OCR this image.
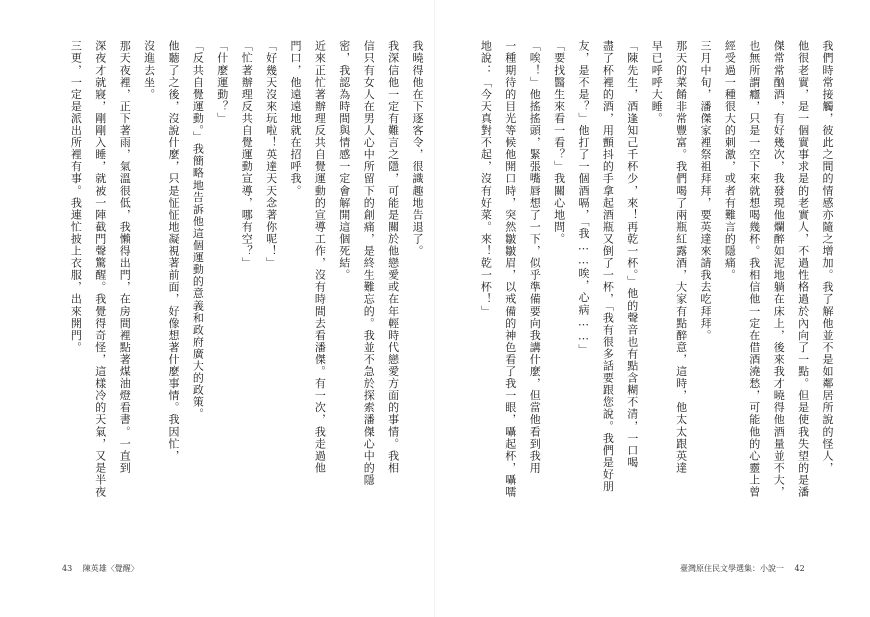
我們時常接觸，彼此之間的情感亦隨之增加。我了解他並不是如鄰居所說的怪人，
他很老實，是一個實事求是的老實人，不過性格過於內向了一點。但是使我失望的是潘
傑常常酗酒，有好幾次，我發現他爛醉如泥地躺在床上，後來我才曉得他酒量並不大，
也無所謂癮，只是一空下來就想喝幾杯。我相信他一定在借酒澆愁，可能他的心靈上曾
經受過一種很大的刺激，或者有難言的隱痛。
三月中旬，潘傑家裡祭祖拜拜，要英達來請我去吃拜拜。
那天的菜餚非常豐富。我們喝了兩瓶紅露酒，大家有點醉意，這時，他太太跟英達
早已呼呼大睡。
「陳先生，酒逢知己千杯少，來！再乾一杯。」他的聲音也有點含糊不清，一口喝
盡了杯裡的酒，用顫抖的手拿起酒瓶又倒了一杯，「我有很多話要跟您說。我們是好朋
友，是不是？」他打了一個酒嗝，「我……唉，心病……」
「要找醫生來看一看？」我關心地問。
「唉！」他搖搖頭，緊張嘴唇想了一下，似乎準備要向我講什麼，但當他看到我用
一種期待的目光等候他開口時，突然皺皺眉，以戒備的神色看了我一眼，囁起杯，囁嚅
地說：「今天真對不起，沒有好菜。來！乾一杯！」
我曉得他在下逐客令，很識趣地告退了。
我深信他一定有難言之隱，可能是關於他戀愛或在年輕時代戀愛方面的事情。我相
信只有女人在男人心中所留下的創痛，是終生難忘的。我並不急於探索潘傑心中的隱
密，我認為時間與情感一定會解開這個死結。
近來正忙著辦理反共自覺運動的宣導工作，沒有時間去看潘傑。有一次，我走過他
門口，他遠遠地就在招呼我。
「好幾天沒來玩啦！英達天天念著你呢！」
「忙著辦理反共自覺運動宣導，哪有空？」
「什麼運動？」
「反共自覺運動。」我簡略地告訴他這個運動的意義和政府廣大的政策。
他聽了之後，沒說什麼，只是怔怔地凝視著前面，好像想著什麼事情。我因忙，
沒進去坐。
那天夜裡，正下著雨，氣溫很低，我懶得出門，在房間裡點著煤油燈看書。一直到
深夜才就寢，剛剛入睡，就被一陣截門聲驚醒。我覺得奇怪，這樣冷的天氣，又是半夜
三更，一定是派出所裡有事。我連忙披上衣服，出來開門。
43 陳英雄〈覺醒〉	臺灣原住民文學選集：小說一 42
